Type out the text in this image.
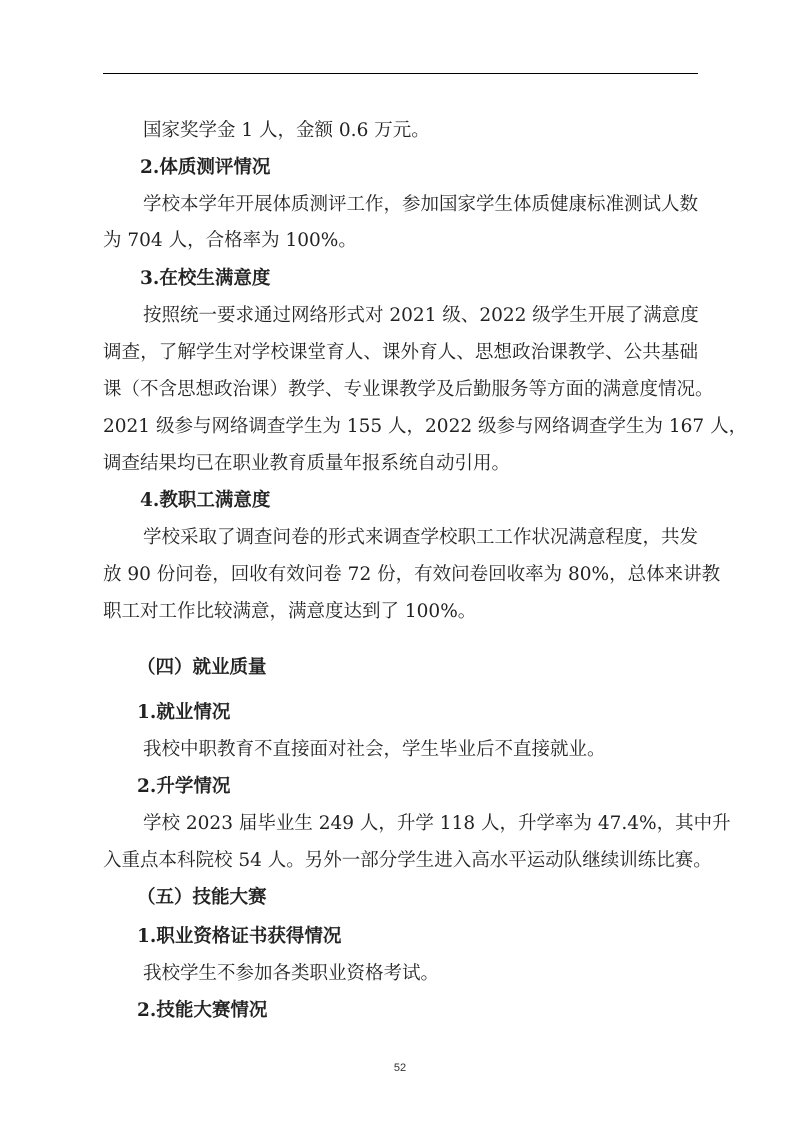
国家奖学金 1 人，金额 0.6 万元。
2.体质测评情况
学校本学年开展体质测评工作，参加国家学生体质健康标准测试人数
为 704 人，合格率为 100%。
3.在校生满意度
按照统一要求通过网络形式对 2021 级、2022 级学生开展了满意度
调查，了解学生对学校课堂育人、课外育人、思想政治课教学、公共基础
课（不含思想政治课）教学、专业课教学及后勤服务等方面的满意度情况。
2021 级参与网络调查学生为 155 人，2022 级参与网络调查学生为 167 人，
调查结果均已在职业教育质量年报系统自动引用。
4.教职工满意度
学校采取了调查问卷的形式来调查学校职工工作状况满意程度，共发
放 90 份问卷，回收有效问卷 72 份，有效问卷回收率为 80%，总体来讲教
职工对工作比较满意，满意度达到了 100%。
（四）就业质量
1.就业情况
我校中职教育不直接面对社会，学生毕业后不直接就业。
2.升学情况
学校 2023 届毕业生 249 人，升学 118 人，升学率为 47.4%，其中升
入重点本科院校 54 人。另外一部分学生进入高水平运动队继续训练比赛。
（五）技能大赛
1.职业资格证书获得情况
我校学生不参加各类职业资格考试。
2.技能大赛情况
52
